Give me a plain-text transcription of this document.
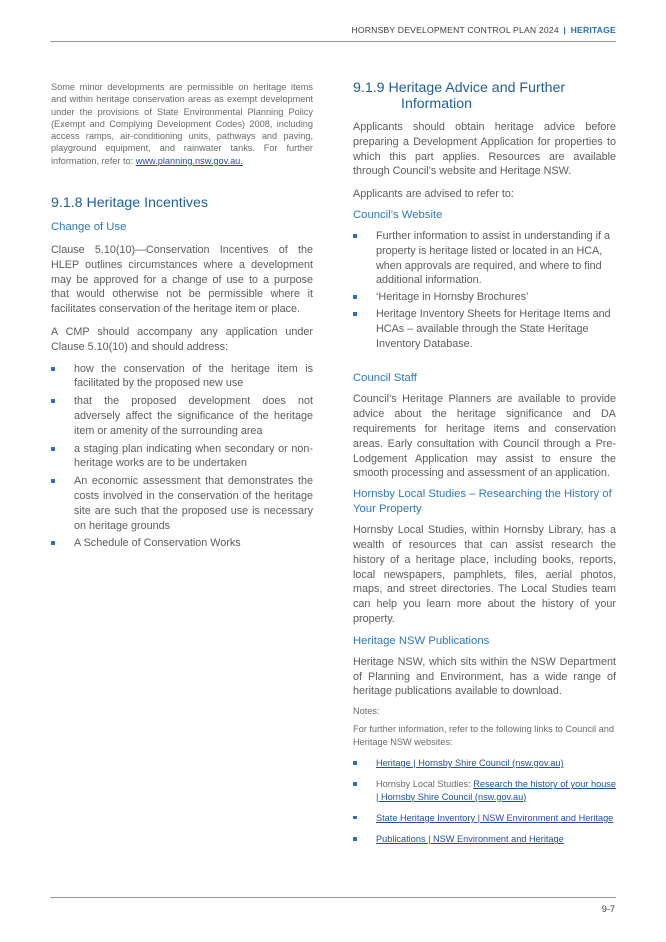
HORNSBY DEVELOPMENT CONTROL PLAN 2024 | HERITAGE

Some minor developments are permissible on heritage items and within heritage conservation areas as exempt development under the provisions of State Environmental Planning Policy (Exempt and Complying Development Codes) 2008, including access ramps, air-conditioning units, pathways and paving, playground equipment, and rainwater tanks. For further information, refer to: www.planning.nsw.gov.au.

9.1.8 Heritage Incentives
Change of Use

Clause 5.10(10)—Conservation Incentives of the HLEP outlines circumstances where a development may be approved for a change of use to a purpose that would otherwise not be permissible where it facilitates conservation of the heritage item or place.

A CMP should accompany any application under Clause 5.10(10) and should address:

how the conservation of the heritage item is facilitated by the proposed new use
that the proposed development does not adversely affect the significance of the heritage item or amenity of the surrounding area
a staging plan indicating when secondary or non-heritage works are to be undertaken
An economic assessment that demonstrates the costs involved in the conservation of the heritage site are such that the proposed use is necessary on heritage grounds
A Schedule of Conservation Works
9.1.9 Heritage Advice and Further
Information

Applicants should obtain heritage advice before preparing a Development Application for properties to which this part applies. Resources are available through Council’s website and Heritage NSW.

Applicants are advised to refer to:

Council’s Website
Further information to assist in understanding if a property is heritage listed or located in an HCA, when approvals are required, and where to find additional information.
‘Heritage in Hornsby Brochures’
Heritage Inventory Sheets for Heritage Items and HCAs – available through the State Heritage Inventory Database.
Council Staff

Council’s Heritage Planners are available to provide advice about the heritage significance and DA requirements for heritage items and conservation areas. Early consultation with Council through a Pre-Lodgement Application may assist to ensure the smooth processing and assessment of an application.

Hornsby Local Studies – Researching the History of Your Property

Hornsby Local Studies, within Hornsby Library, has a wealth of resources that can assist research the history of a heritage place, including books, reports, local newspapers, pamphlets, files, aerial photos, maps, and street directories. The Local Studies team can help you learn more about the history of your property.

Heritage NSW Publications

Heritage NSW, which sits within the NSW Department of Planning and Environment, has a wide range of heritage publications available to download.

Notes:

For further information, refer to the following links to Council and Heritage NSW websites:

Heritage | Hornsby Shire Council (nsw.gov.au)
Hornsby Local Studies: Research the history of your house | Hornsby Shire Council (nsw.gov.au)
State Heritage Inventory | NSW Environment and Heritage
Publications | NSW Environment and Heritage
9-7
